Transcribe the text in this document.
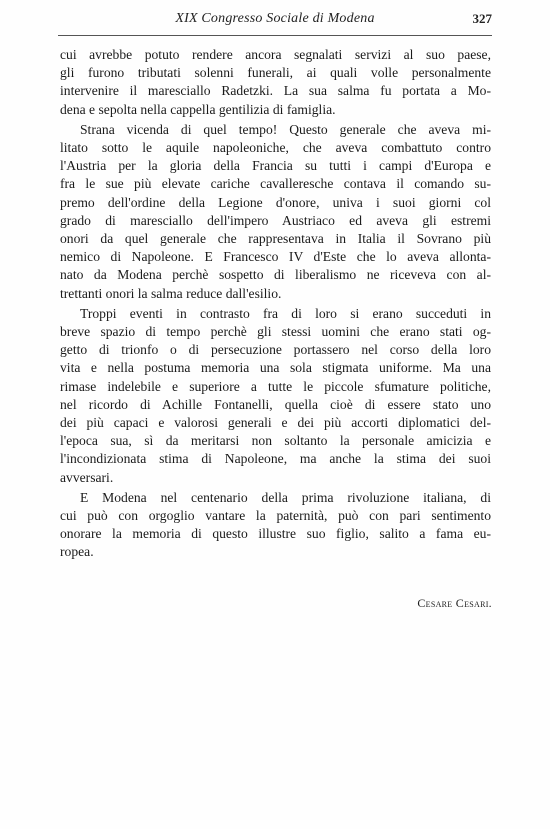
XIX Congresso Sociale di Modena	327
cui avrebbe potuto rendere ancora segnalati servizi al suo paese,
gli furono tributati solenni funerali, ai quali volle personalmente
intervenire il maresciallo Radetzki. La sua salma fu portata a Mo-
dena e sepolta nella cappella gentilizia di famiglia.
Strana vicenda di quel tempo! Questo generale che aveva mi-
litato sotto le aquile napoleoniche, che aveva combattuto contro
l'Austria per la gloria della Francia su tutti i campi d'Europa e
fra le sue più elevate cariche cavalleresche contava il comando su-
premo dell'ordine della Legione d'onore, univa i suoi giorni col
grado di maresciallo dell'impero Austriaco ed aveva gli estremi
onori da quel generale che rappresentava in Italia il Sovrano più
nemico di Napoleone. E Francesco IV d'Este che lo aveva allonta-
nato da Modena perchè sospetto di liberalismo ne riceveva con al-
trettanti onori la salma reduce dall'esilio.
Troppi eventi in contrasto fra di loro si erano succeduti in
breve spazio di tempo perchè gli stessi uomini che erano stati og-
getto di trionfo o di persecuzione portassero nel corso della loro
vita e nella postuma memoria una sola stigmata uniforme. Ma una
rimase indelebile e superiore a tutte le piccole sfumature politiche,
nel ricordo di Achille Fontanelli, quella cioè di essere stato uno
dei più capaci e valorosi generali e dei più accorti diplomatici del-
l'epoca sua, sì da meritarsi non soltanto la personale amicizia e
l'incondizionata stima di Napoleone, ma anche la stima dei suoi
avversari.
E Modena nel centenario della prima rivoluzione italiana, di
cui può con orgoglio vantare la paternità, può con pari sentimento
onorare la memoria di questo illustre suo figlio, salito a fama eu-
ropea.
Cesare Cesari.
